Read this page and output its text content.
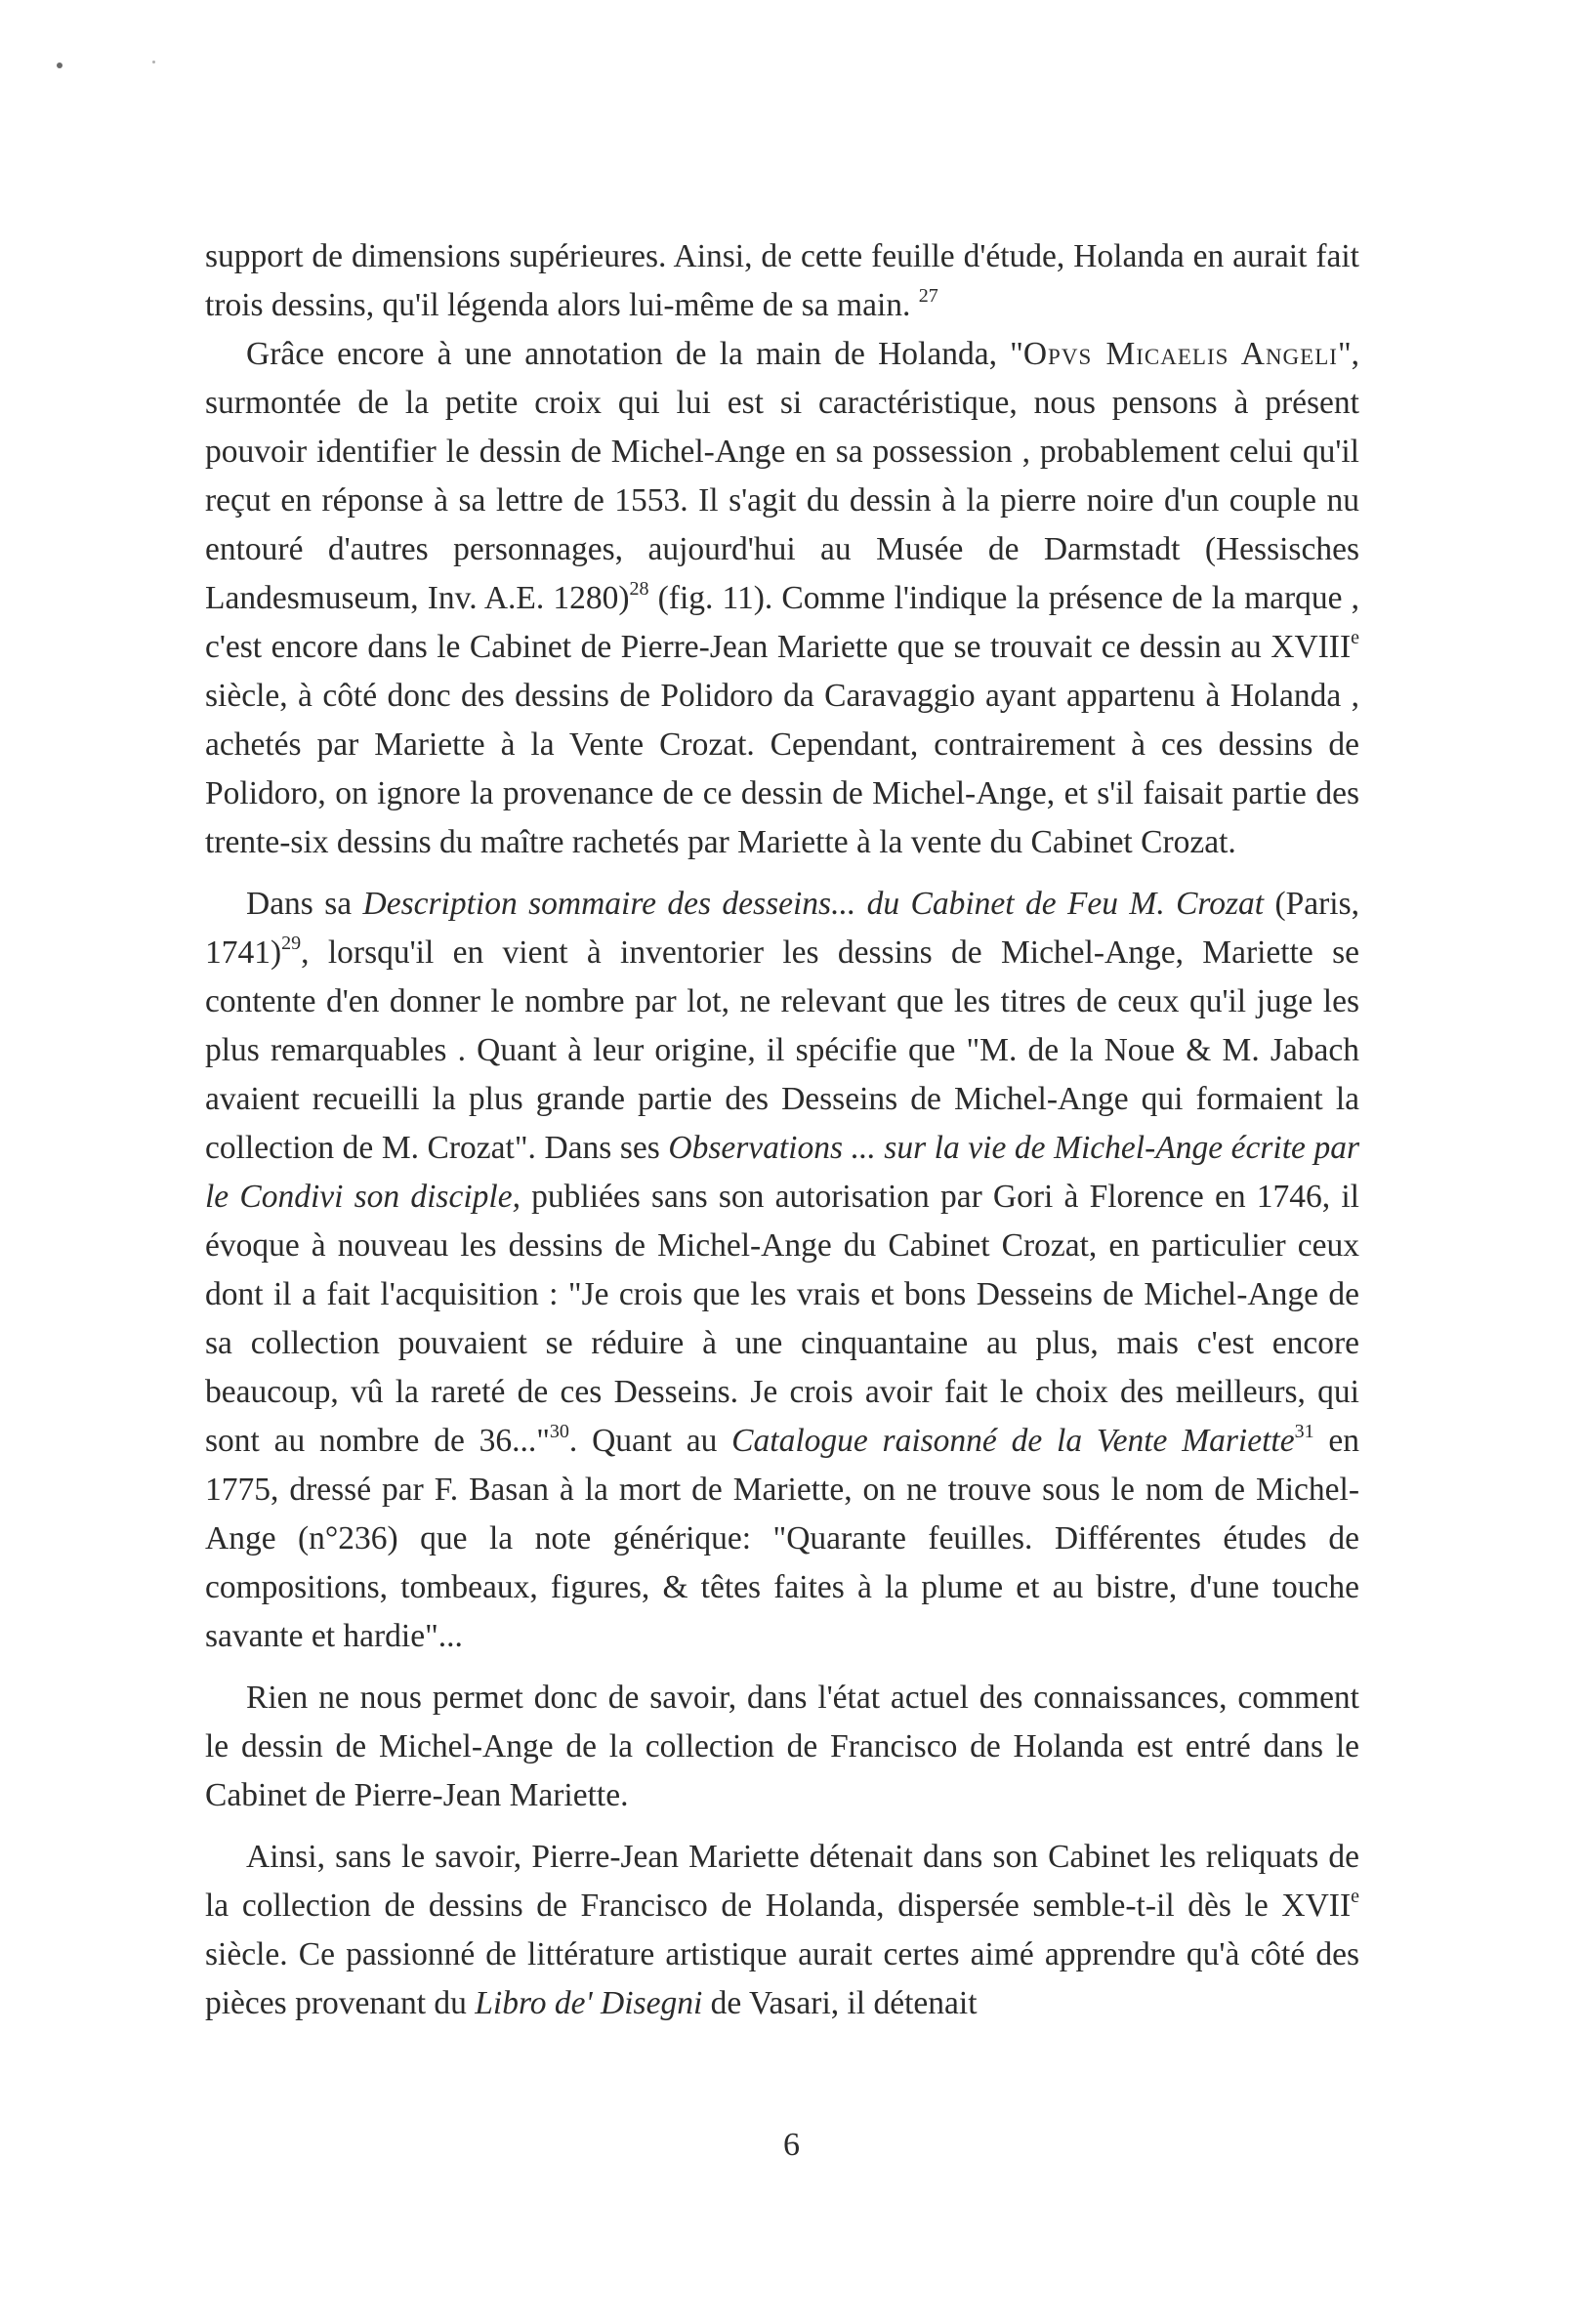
support de dimensions supérieures. Ainsi, de cette feuille d'étude, Holanda en aurait fait trois dessins, qu'il légenda alors lui-même de sa main. $^{27}$

Grâce encore à une annotation de la main de Holanda, "Opvs Micaelis Angeli", surmontée de la petite croix qui lui est si caractéristique, nous pensons à présent pouvoir identifier le dessin de Michel-Ange en sa possession , probablement celui qu'il reçut en réponse à sa lettre de 1553. Il s'agit du dessin à la pierre noire d'un couple nu entouré d'autres personnages, aujourd'hui au Musée de Darmstadt (Hessisches Landesmuseum, Inv. A.E. 1280)$^{28}$ (fig. 11). Comme l'indique la présence de la marque , c'est encore dans le Cabinet de Pierre-Jean Mariette que se trouvait ce dessin au XVIIIe siècle, à côté donc des dessins de Polidoro da Caravaggio ayant appartenu à Holanda , achetés par Mariette à la Vente Crozat. Cependant, contrairement à ces dessins de Polidoro, on ignore la provenance de ce dessin de Michel-Ange, et s'il faisait partie des trente-six dessins du maître rachetés par Mariette à la vente du Cabinet Crozat.

Dans sa Description sommaire des desseins... du Cabinet de Feu M. Crozat (Paris, 1741)$^{29}$, lorsqu'il en vient à inventorier les dessins de Michel-Ange, Mariette se contente d'en donner le nombre par lot, ne relevant que les titres de ceux qu'il juge les plus remarquables . Quant à leur origine, il spécifie que "M. de la Noue & M. Jabach avaient recueilli la plus grande partie des Desseins de Michel-Ange qui formaient la collection de M. Crozat". Dans ses Observations ... sur la vie de Michel-Ange écrite par le Condivi son disciple, publiées sans son autorisation par Gori à Florence en 1746, il évoque à nouveau les dessins de Michel-Ange du Cabinet Crozat, en particulier ceux dont il a fait l'acquisition : "Je crois que les vrais et bons Desseins de Michel-Ange de sa collection pouvaient se réduire à une cinquantaine au plus, mais c'est encore beaucoup, vû la rareté de ces Desseins. Je crois avoir fait le choix des meilleurs, qui sont au nombre de 36..."$^{30}$. Quant au Catalogue raisonné de la Vente Mariette$^{31}$ en 1775, dressé par F. Basan à la mort de Mariette, on ne trouve sous le nom de Michel-Ange (n°236) que la note générique: "Quarante feuilles. Différentes études de compositions, tombeaux, figures, & têtes faites à la plume et au bistre, d'une touche savante et hardie"...

Rien ne nous permet donc de savoir, dans l'état actuel des connaissances, comment le dessin de Michel-Ange de la collection de Francisco de Holanda est entré dans le Cabinet de Pierre-Jean Mariette.

Ainsi, sans le savoir, Pierre-Jean Mariette détenait dans son Cabinet les reliquats de la collection de dessins de Francisco de Holanda, dispersée semble-t-il dès le XVIIe siècle. Ce passionné de littérature artistique aurait certes aimé apprendre qu'à côté des pièces provenant du Libro de' Disegni de Vasari, il détenait

6
